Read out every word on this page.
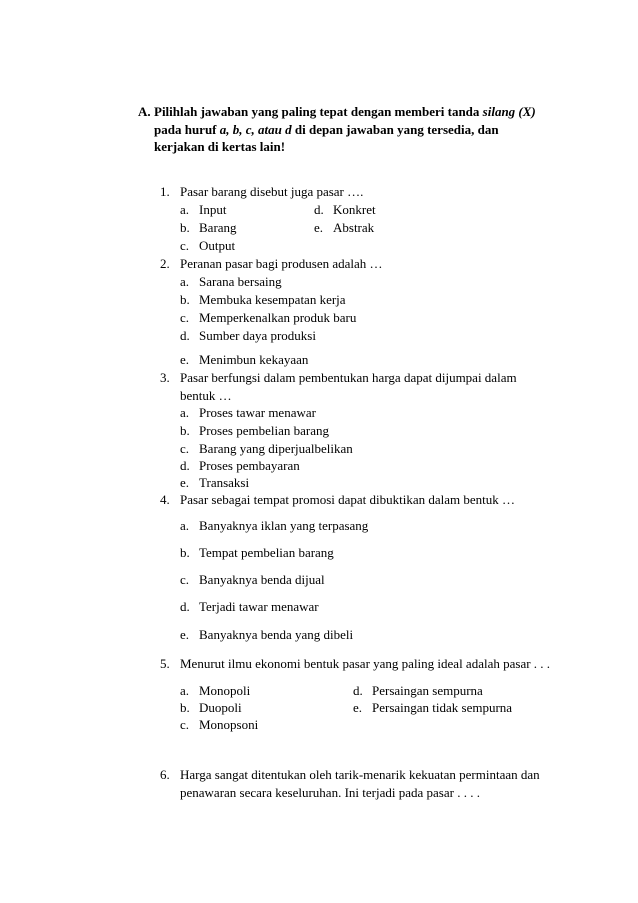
A. Pilihlah jawaban yang paling tepat dengan memberi tanda silang (X)
pada huruf a, b, c, atau d di depan jawaban yang tersedia, dan
kerjakan di kertas lain!
1. Pasar barang disebut juga pasar ….
a. Input
b. Barang
c. Output
d. Konkret
e. Abstrak
2. Peranan pasar bagi produsen adalah …
a. Sarana bersaing
b. Membuka kesempatan kerja
c. Memperkenalkan produk baru
d. Sumber daya produksi
e. Menimbun kekayaan
3. Pasar berfungsi dalam pembentukan harga dapat dijumpai dalam
bentuk …
a. Proses tawar menawar
b. Proses pembelian barang
c. Barang yang diperjualbelikan
d. Proses pembayaran
e. Transaksi
4. Pasar sebagai tempat promosi dapat dibuktikan dalam bentuk …
a. Banyaknya iklan yang terpasang
b. Tempat pembelian barang
c. Banyaknya benda dijual
d. Terjadi tawar menawar
e. Banyaknya benda yang dibeli
5. Menurut ilmu ekonomi bentuk pasar yang paling ideal adalah pasar . . .
a. Monopoli
b. Duopoli
c. Monopsoni
d. Persaingan sempurna
e. Persaingan tidak sempurna
6. Harga sangat ditentukan oleh tarik-menarik kekuatan permintaan dan
penawaran secara keseluruhan. Ini terjadi pada pasar . . . .
